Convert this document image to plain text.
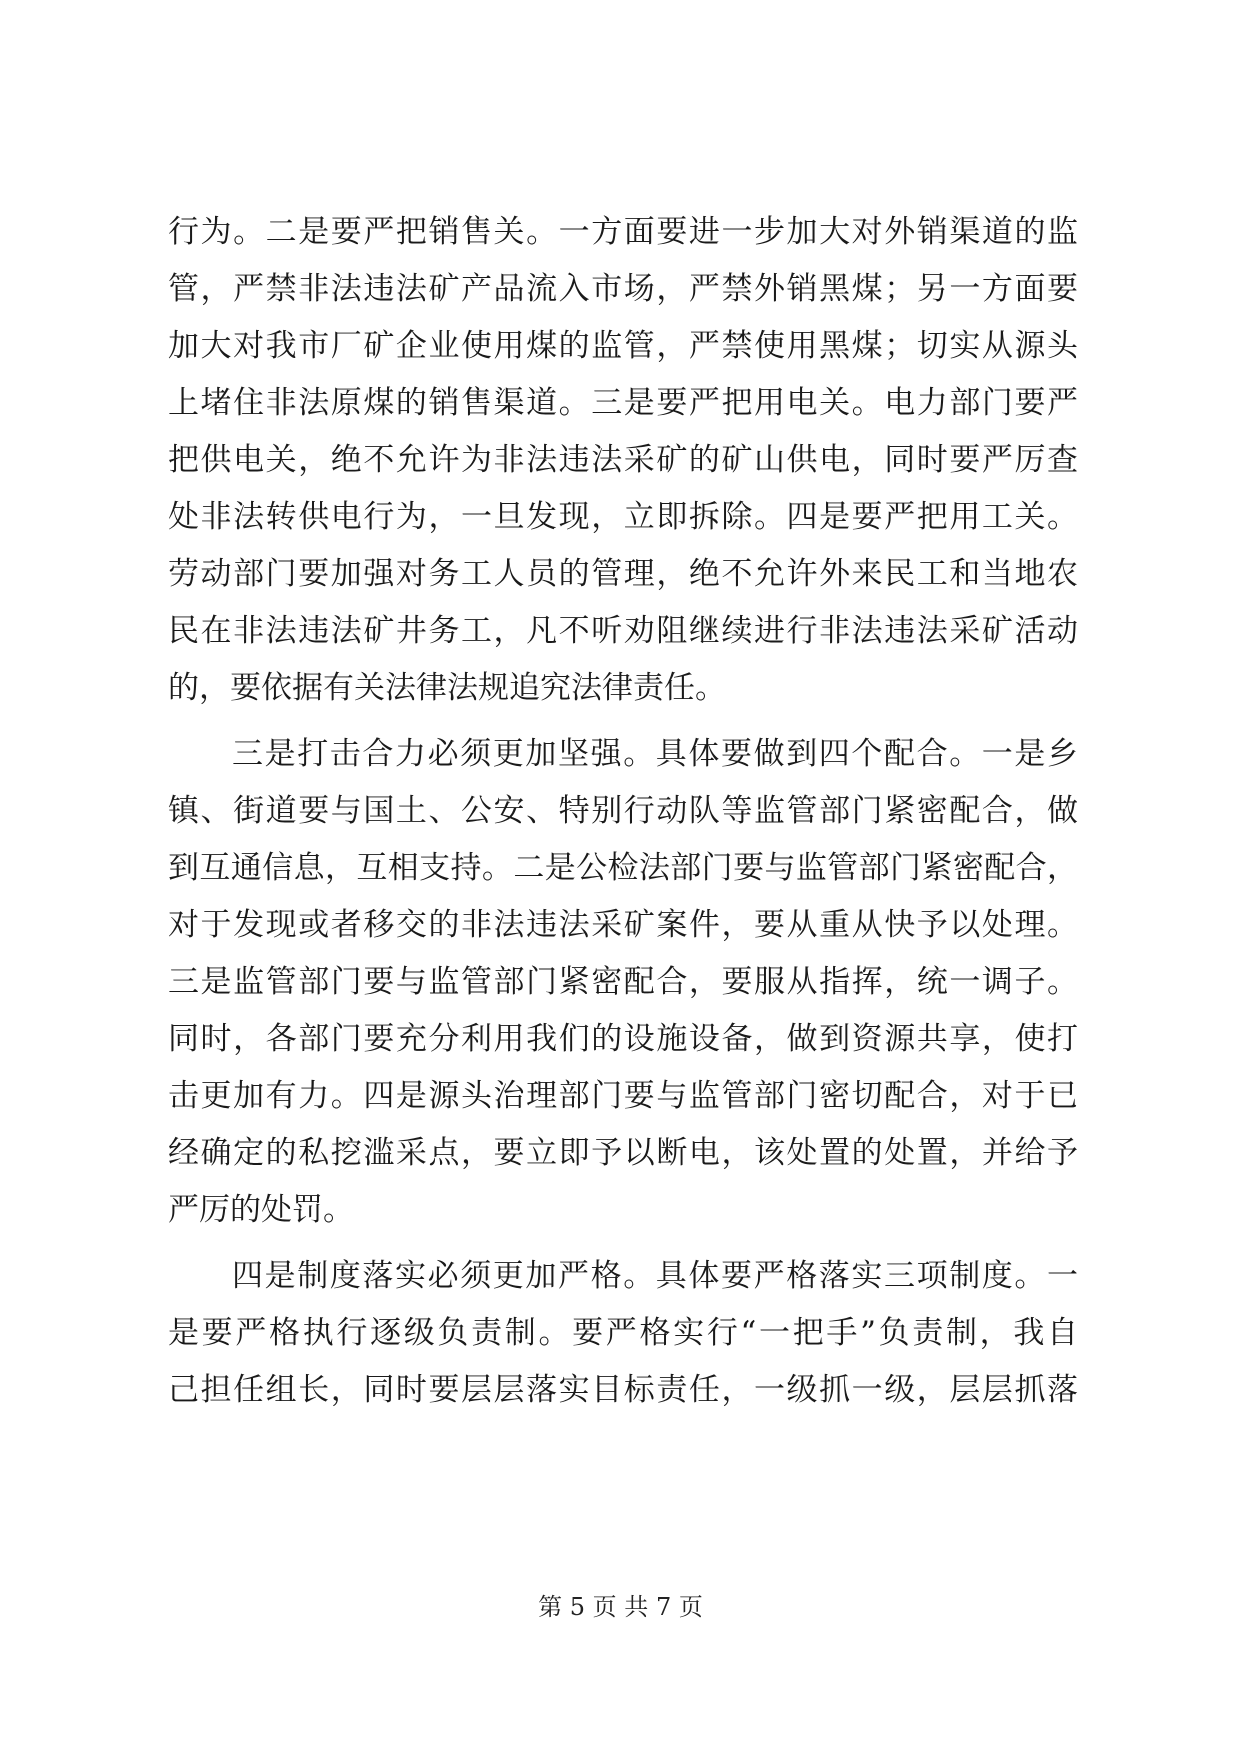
行为。二是要严把销售关。一方面要进一步加大对外销渠道的监
管，严禁非法违法矿产品流入市场，严禁外销黑煤；另一方面要
加大对我市厂矿企业使用煤的监管，严禁使用黑煤；切实从源头
上堵住非法原煤的销售渠道。三是要严把用电关。电力部门要严
把供电关，绝不允许为非法违法采矿的矿山供电，同时要严厉查
处非法转供电行为，一旦发现，立即拆除。四是要严把用工关。
劳动部门要加强对务工人员的管理，绝不允许外来民工和当地农
民在非法违法矿井务工，凡不听劝阻继续进行非法违法采矿活动
的，要依据有关法律法规追究法律责任。
三是打击合力必须更加坚强。具体要做到四个配合。一是乡
镇、街道要与国土、公安、特别行动队等监管部门紧密配合，做
到互通信息，互相支持。二是公检法部门要与监管部门紧密配合，
对于发现或者移交的非法违法采矿案件，要从重从快予以处理。
三是监管部门要与监管部门紧密配合，要服从指挥，统一调子。
同时，各部门要充分利用我们的设施设备，做到资源共享，使打
击更加有力。四是源头治理部门要与监管部门密切配合，对于已
经确定的私挖滥采点，要立即予以断电，该处置的处置，并给予
严厉的处罚。
四是制度落实必须更加严格。具体要严格落实三项制度。一
是要严格执行逐级负责制。要严格实行“一把手”负责制，我自
己担任组长，同时要层层落实目标责任，一级抓一级，层层抓落
第 5 页 共 7 页
